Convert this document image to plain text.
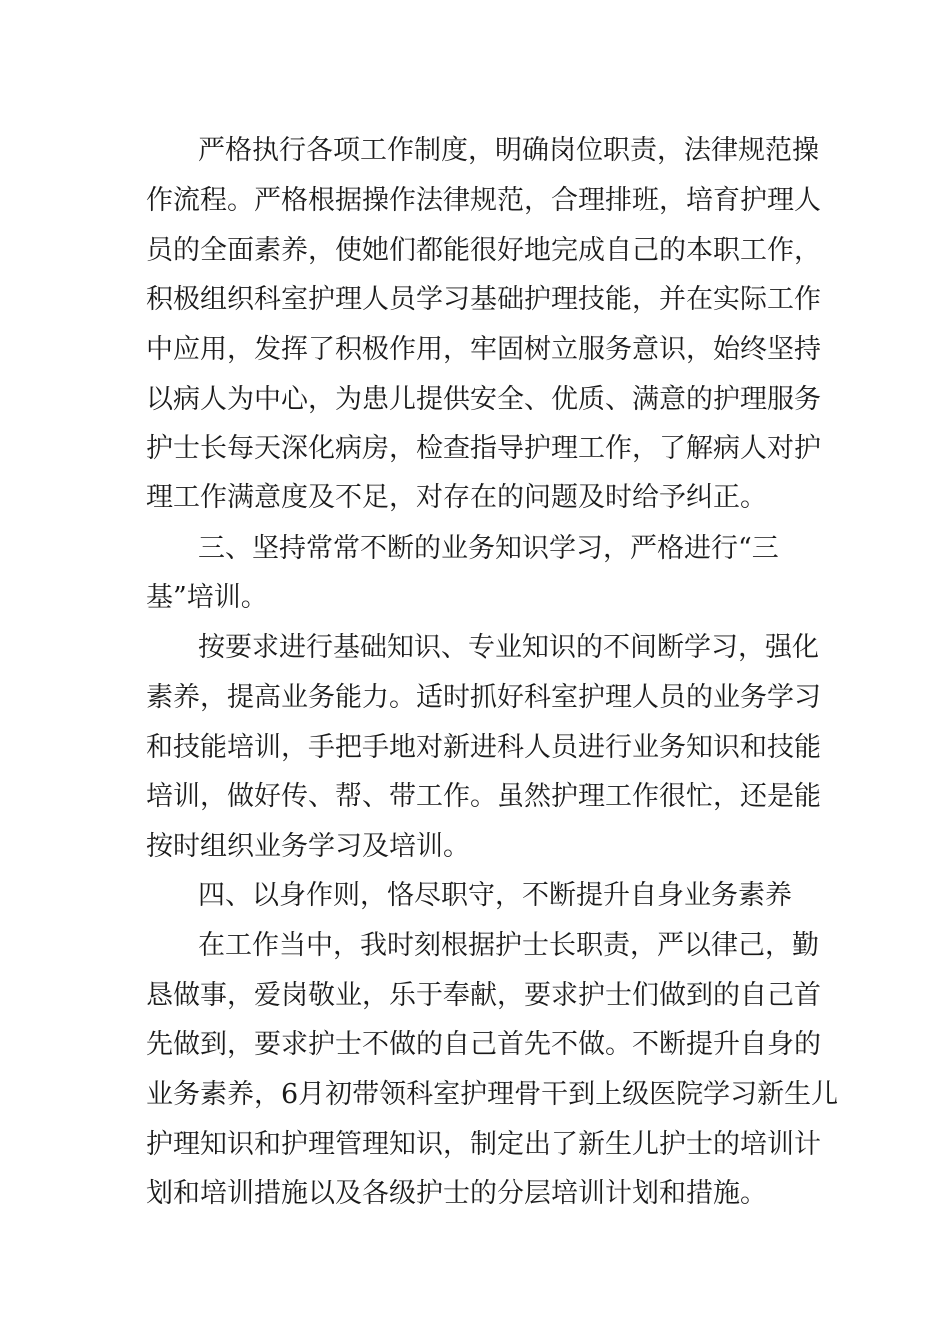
严格执行各项工作制度，明确岗位职责，法律规范操

作流程。严格根据操作法律规范，合理排班，培育护理人

员的全面素养，使她们都能很好地完成自己的本职工作，

积极组织科室护理人员学习基础护理技能，并在实际工作

中应用，发挥了积极作用，牢固树立服务意识，始终坚持

以病人为中心，为患儿提供安全、优质、满意的护理服务

护士长每天深化病房，检查指导护理工作，了解病人对护

理工作满意度及不足，对存在的问题及时给予纠正。

三、坚持常常不断的业务知识学习，严格进行“三

基”培训。

按要求进行基础知识、专业知识的不间断学习，强化

素养，提高业务能力。适时抓好科室护理人员的业务学习

和技能培训，手把手地对新进科人员进行业务知识和技能

培训，做好传、帮、带工作。虽然护理工作很忙，还是能

按时组织业务学习及培训。

四、以身作则，恪尽职守，不断提升自身业务素养

在工作当中，我时刻根据护士长职责，严以律己，勤

恳做事，爱岗敬业，乐于奉献，要求护士们做到的自己首

先做到，要求护士不做的自己首先不做。不断提升自身的

业务素养，6月初带领科室护理骨干到上级医院学习新生儿

护理知识和护理管理知识，制定出了新生儿护士的培训计

划和培训措施以及各级护士的分层培训计划和措施。
